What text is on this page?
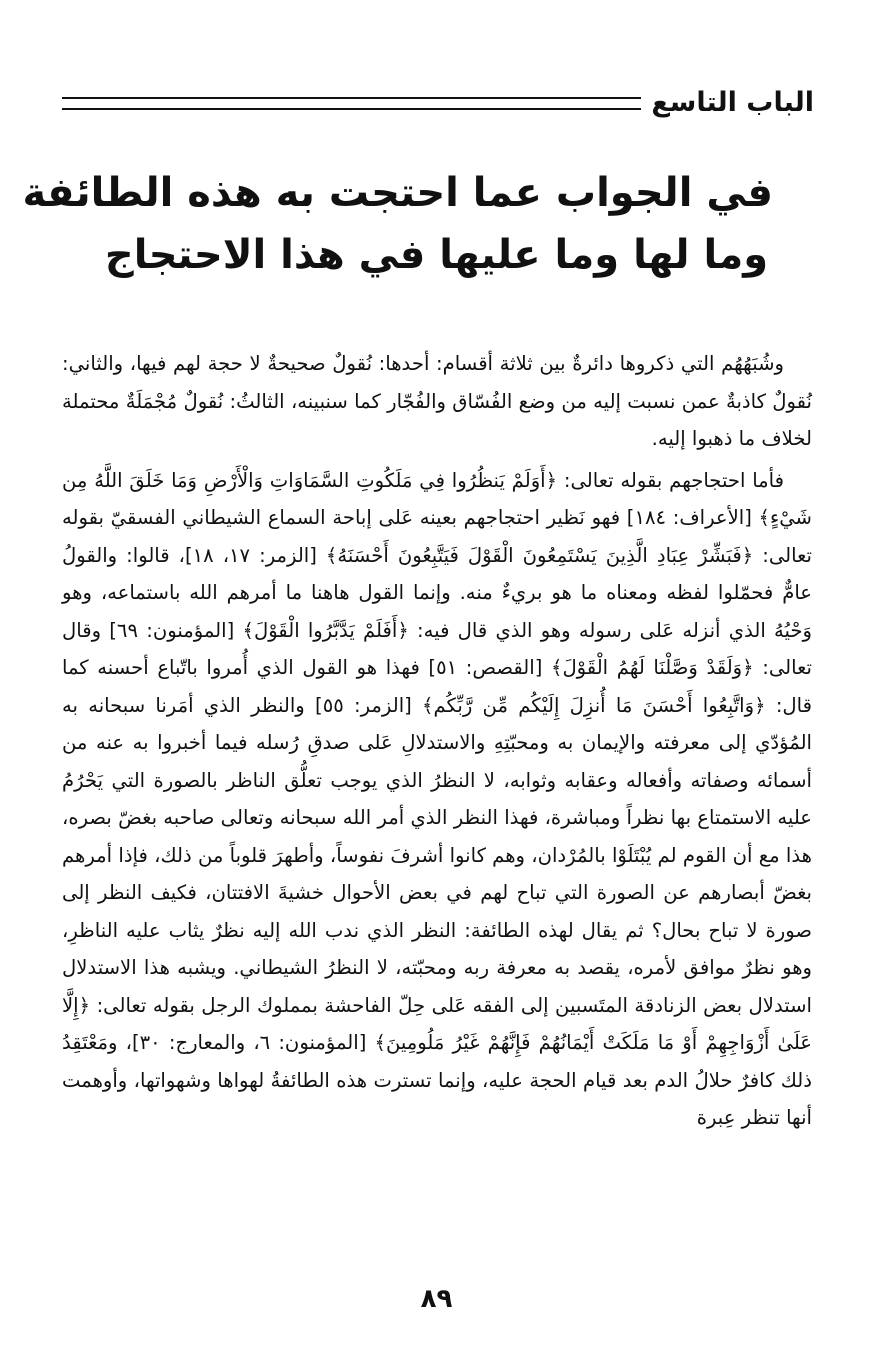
الباب التاسع
في الجواب عما احتجت به هذه الطائفة
وما لها وما عليها في هذا الاحتجاج

وشُبَهُهُم التي ذكروها دائرةٌ بين ثلاثة أقسام: أحدها: نُقولٌ صحيحةٌ لا حجة لهم فيها، والثاني: نُقولٌ كاذبةٌ عمن نسبت إليه من وضع الفُسّاق والفُجّار كما سنبينه، الثالثُ: نُقولٌ مُجْمَلَةٌ محتملة لخلاف ما ذهبوا إليه.

فأما احتجاجهم بقوله تعالى: ﴿أَوَلَمْ يَنظُرُوا فِي مَلَكُوتِ السَّمَاوَاتِ وَالْأَرْضِ وَمَا خَلَقَ اللَّهُ مِن شَيْءٍ﴾ [الأعراف: ١٨٤] فهو نَظير احتجاجهم بعينه عَلى إباحة السماع الشيطاني الفسقيّ بقوله تعالى: ﴿فَبَشِّرْ عِبَادِ الَّذِينَ يَسْتَمِعُونَ الْقَوْلَ فَيَتَّبِعُونَ أَحْسَنَهُ﴾ [الزمر: ١٧، ١٨]، قالوا: والقولُ عامٌّ فحمّلوا لفظه ومعناه ما هو بريءٌ منه. وإنما القول هاهنا ما أمرهم الله باستماعه، وهو وَحْيُهُ الذي أنزله عَلى رسوله وهو الذي قال فيه: ﴿أَفَلَمْ يَدَّبَّرُوا الْقَوْلَ﴾ [المؤمنون: ٦٩] وقال تعالى: ﴿وَلَقَدْ وَصَّلْنَا لَهُمُ الْقَوْلَ﴾ [القصص: ٥١] فهذا هو القول الذي أُمروا باتّباع أحسنه كما قال: ﴿وَاتَّبِعُوا أَحْسَنَ مَا أُنزِلَ إِلَيْكُم مِّن رَّبِّكُم﴾ [الزمر: ٥٥] والنظر الذي أمَرنا سبحانه به المُؤدّي إلى معرفته والإيمان به ومحبّتِهِ والاستدلالِ عَلى صدقِ رُسله فيما أخبروا به عنه من أسمائه وصفاته وأفعاله وعقابه وثوابه، لا النظرُ الذي يوجب تعلُّق الناظر بالصورة التي يَحْرُمُ عليه الاستمتاع بها نظراً ومباشرة، فهذا النظر الذي أمر الله سبحانه وتعالى صاحبه بغضّ بصره، هذا مع أن القوم لم يُبْتَلَوْا بالمُرْدان، وهم كانوا أشرفَ نفوساً، وأطهرَ قلوباً من ذلك، فإذا أمرهم بغضّ أبصارهم عن الصورة التي تباح لهم في بعض الأحوال خشيةَ الافتتان، فكيف النظر إلى صورة لا تباح بحال؟ ثم يقال لهذه الطائفة: النظر الذي ندب الله إليه نظرٌ يثاب عليه الناظرِ، وهو نظرٌ موافق لأمره، يقصد به معرفة ربه ومحبّته، لا النظرُ الشيطاني. ويشبه هذا الاستدلال استدلال بعض الزنادقة المتَسبين إلى الفقه عَلى حِلّ الفاحشة بمملوك الرجل بقوله تعالى: ﴿إِلَّا عَلَىٰ أَزْوَاجِهِمْ أَوْ مَا مَلَكَتْ أَيْمَانُهُمْ فَإِنَّهُمْ غَيْرُ مَلُومِينَ﴾ [المؤمنون: ٦، والمعارج: ٣٠]، ومَعْتَقِدُ ذلك كافرٌ حلالُ الدم بعد قيام الحجة عليه، وإنما تسترت هذه الطائفةُ لهواها وشهواتها، وأوهمت أنها تنظر عِبرة

٨٩
